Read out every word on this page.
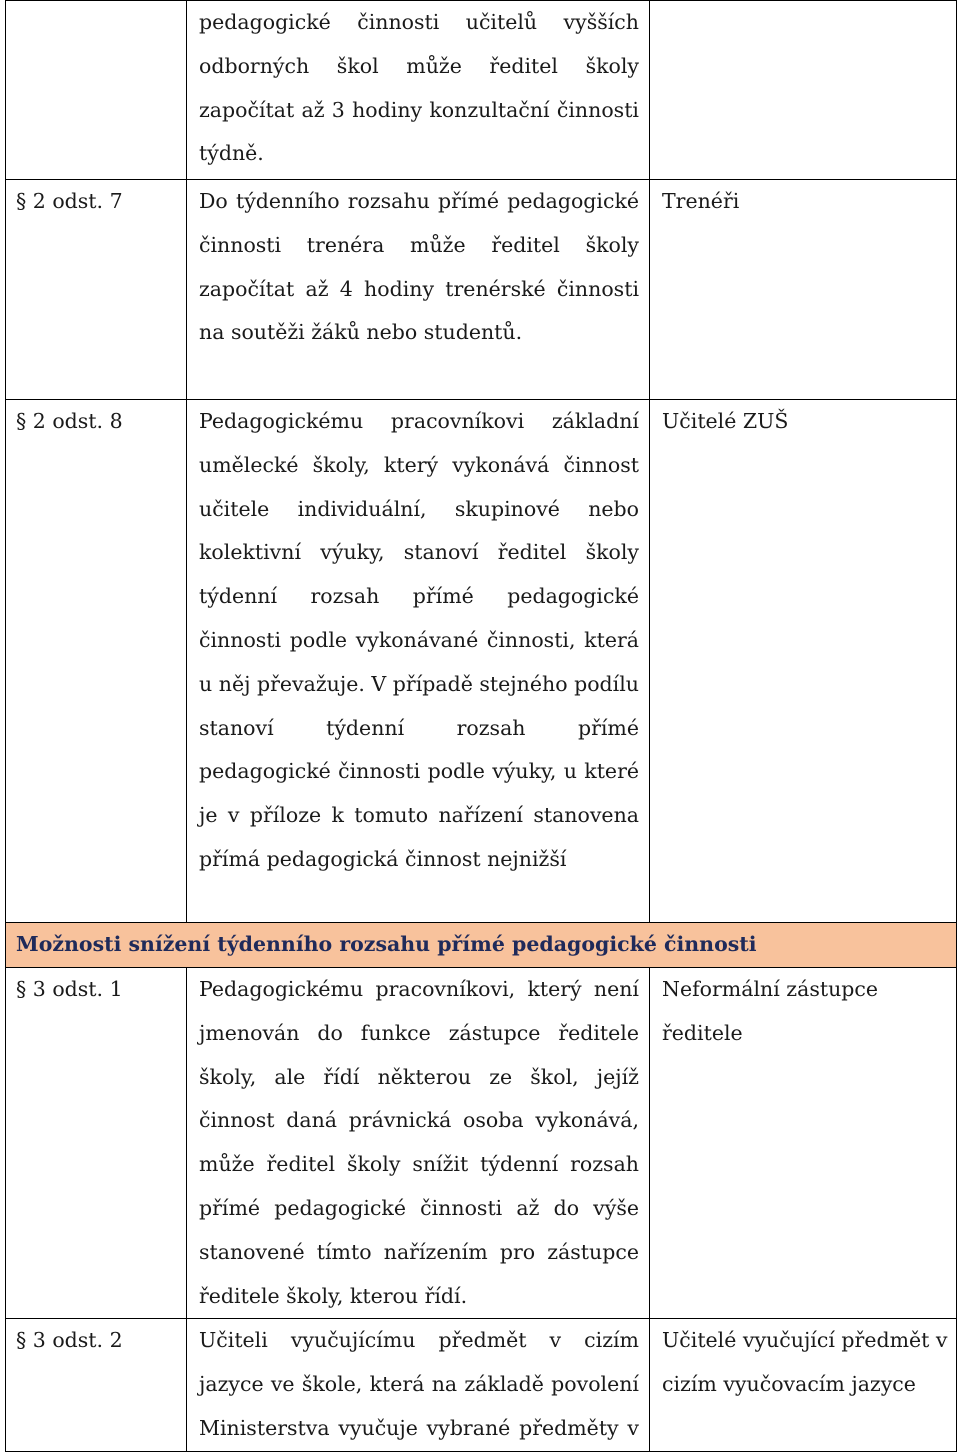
	pedagogické činnosti učitelů vyšších odborných škol může ředitel školy započítat až 3 hodiny konzultační činnosti týdně.	

§ 2 odst. 7	Do týdenního rozsahu přímé pedagogické činnosti trenéra může ředitel školy započítat až 4 hodiny trenérské činnosti na soutěži žáků nebo studentů.	Trenéři

§ 2 odst. 8	Pedagogickému pracovníkovi základní umělecké školy, který vykonává činnost učitele individuální, skupinové nebo kolektivní výuky, stanoví ředitel školy týdenní rozsah přímé pedagogické činnosti podle vykonávané činnosti, která u něj převažuje. V případě stejného podílu stanoví týdenní rozsah přímé pedagogické činnosti podle výuky, u které je v příloze k tomuto nařízení stanovena přímá pedagogická činnost nejnižší	Učitelé ZUŠ

Možnosti snížení týdenního rozsahu přímé pedagogické činnosti		

§ 3 odst. 1	Pedagogickému pracovníkovi, který není jmenován do funkce zástupce ředitele školy, ale řídí některou ze škol, jejíž činnost daná právnická osoba vykonává, může ředitel školy snížit týdenní rozsah přímé pedagogické činnosti až do výše stanovené tímto nařízením pro zástupce ředitele školy, kterou řídí.	Neformální zástupce ředitele

§ 3 odst. 2	Učiteli vyučujícímu předmět v cizím jazyce ve škole, která na základě povolení Ministerstva vyučuje vybrané předměty v	Učitelé vyučující předmět v cizím vyučovacím jazyce
